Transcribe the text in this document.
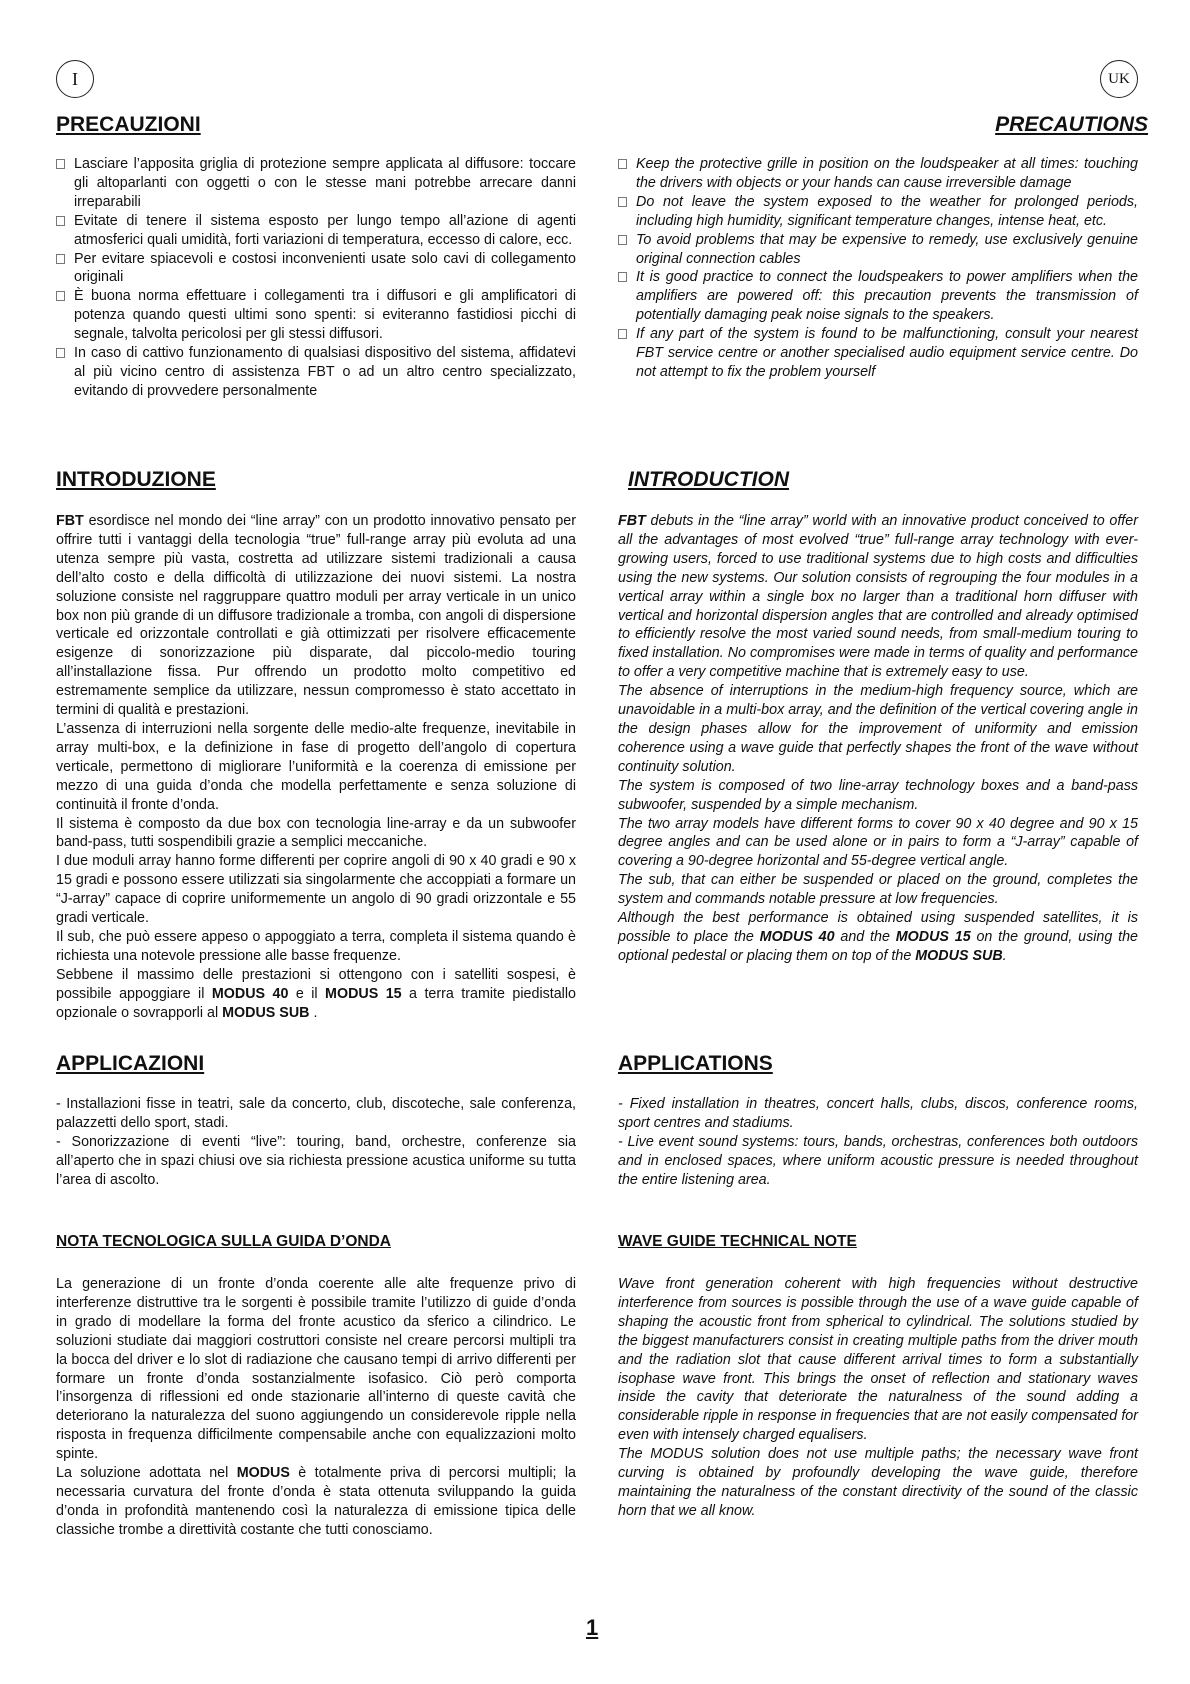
I	UK
PRECAUZIONI	PRECAUTIONS
Lasciare l’apposita griglia di protezione sempre applicata al diffusore: toccare gli altoparlanti con oggetti o con le stesse mani potrebbe arrecare danni irreparabili
Evitate di tenere il sistema esposto per lungo tempo all’azione di agenti atmosferici quali umidità, forti variazioni di temperatura, eccesso di calore, ecc.
Per evitare spiacevoli e costosi inconvenienti usate solo cavi di collegamento originali
È buona norma effettuare i collegamenti tra i diffusori e gli amplificatori di potenza quando questi ultimi sono spenti: si eviteranno fastidiosi picchi di segnale, talvolta pericolosi per gli stessi diffusori.
In caso di cattivo funzionamento di qualsiasi dispositivo del sistema, affidatevi al più vicino centro di assistenza FBT o ad un altro centro specializzato, evitando di provvedere personalmente
Keep the protective grille in position on the loudspeaker at all times: touching the drivers with objects or your hands can cause irreversible damage
Do not leave the system exposed to the weather for prolonged periods, including high humidity, significant temperature changes, intense heat, etc.
To avoid problems that may be expensive to remedy, use exclusively genuine original connection cables
It is good practice to connect the loudspeakers to power amplifiers when the amplifiers are powered off: this precaution prevents the transmission of potentially damaging peak noise signals to the speakers.
If any part of the system is found to be malfunctioning, consult your nearest FBT service centre or another specialised audio equipment service centre. Do not attempt to fix the problem yourself
INTRODUZIONE	INTRODUCTION

FBT esordisce nel mondo dei “line array” con un prodotto innovativo pensato per offrire tutti i vantaggi della tecnologia “true” full-range array più evoluta ad una utenza sempre più vasta, costretta ad utilizzare sistemi tradizionali a causa dell’alto costo e della difficoltà di utilizzazione dei nuovi sistemi. La nostra soluzione consiste nel raggruppare quattro moduli per array verticale in un unico box non più grande di un diffusore tradizionale a tromba, con angoli di dispersione verticale ed orizzontale controllati e già ottimizzati per risolvere efficacemente esigenze di sonorizzazione più disparate, dal piccolo-medio touring all’installazione fissa. Pur offrendo un prodotto molto competitivo ed estremamente semplice da utilizzare, nessun compromesso è stato accettato in termini di qualità e prestazioni.

L’assenza di interruzioni nella sorgente delle medio-alte frequenze, inevitabile in array multi-box, e la definizione in fase di progetto dell’angolo di copertura verticale, permettono di migliorare l’uniformità e la coerenza di emissione per mezzo di una guida d’onda che modella perfettamente e senza soluzione di continuità il fronte d’onda.

Il sistema è composto da due box con tecnologia line-array e da un subwoofer band-pass, tutti sospendibili grazie a semplici meccaniche.

I due moduli array hanno forme differenti per coprire angoli di 90 x 40 gradi e 90 x 15 gradi e possono essere utilizzati sia singolarmente che accoppiati a formare un “J-array” capace di coprire uniformemente un angolo di 90 gradi orizzontale e 55 gradi verticale.

Il sub, che può essere appeso o appoggiato a terra, completa il sistema quando è richiesta una notevole pressione alle basse frequenze.

Sebbene il massimo delle prestazioni si ottengono con i satelliti sospesi, è possibile appoggiare il MODUS 40 e il MODUS 15 a terra tramite piedistallo opzionale o sovrapporli al MODUS SUB .

FBT debuts in the “line array” world with an innovative product conceived to offer all the advantages of most evolved “true” full-range array technology with ever-growing users, forced to use traditional systems due to high costs and difficulties using the new systems. Our solution consists of regrouping the four modules in a vertical array within a single box no larger than a traditional horn diffuser with vertical and horizontal dispersion angles that are controlled and already optimised to efficiently resolve the most varied sound needs, from small-medium touring to fixed installation. No compromises were made in terms of quality and performance to offer a very competitive machine that is extremely easy to use.

The absence of interruptions in the medium-high frequency source, which are unavoidable in a multi-box array, and the definition of the vertical covering angle in the design phases allow for the improvement of uniformity and emission coherence using a wave guide that perfectly shapes the front of the wave without continuity solution.

The system is composed of two line-array technology boxes and a band-pass subwoofer, suspended by a simple mechanism.

The two array models have different forms to cover 90 x 40 degree and 90 x 15 degree angles and can be used alone or in pairs to form a “J-array” capable of covering a 90-degree horizontal and 55-degree vertical angle.

The sub, that can either be suspended or placed on the ground, completes the system and commands notable pressure at low frequencies.

Although the best performance is obtained using suspended satellites, it is possible to place the MODUS 40 and the MODUS 15 on the ground, using the optional pedestal or placing them on top of the MODUS SUB.

APPLICAZIONI	APPLICATIONS

- Installazioni fisse in teatri, sale da concerto, club, discoteche, sale conferenza, palazzetti dello sport, stadi.

- Sonorizzazione di eventi “live”: touring, band, orchestre, conferenze sia all’aperto che in spazi chiusi ove sia richiesta pressione acustica uniforme su tutta l’area di ascolto.

- Fixed installation in theatres, concert halls, clubs, discos, conference rooms, sport centres and stadiums.

- Live event sound systems: tours, bands, orchestras, conferences both outdoors and in enclosed spaces, where uniform acoustic pressure is needed throughout the entire listening area.

NOTA TECNOLOGICA SULLA GUIDA D’ONDA	WAVE GUIDE TECHNICAL NOTE

La generazione di un fronte d’onda coerente alle alte frequenze privo di interferenze distruttive tra le sorgenti è possibile tramite l’utilizzo di guide d’onda in grado di modellare la forma del fronte acustico da sferico a cilindrico. Le soluzioni studiate dai maggiori costruttori consiste nel creare percorsi multipli tra la bocca del driver e lo slot di radiazione che causano tempi di arrivo differenti per formare un fronte d’onda sostanzialmente isofasico. Ciò però comporta l’insorgenza di riflessioni ed onde stazionarie all’interno di queste cavità che deteriorano la naturalezza del suono aggiungendo un considerevole ripple nella risposta in frequenza difficilmente compensabile anche con equalizzazioni molto spinte.

La soluzione adottata nel MODUS è totalmente priva di percorsi multipli; la necessaria curvatura del fronte d’onda è stata ottenuta sviluppando la guida d’onda in profondità mantenendo così la naturalezza di emissione tipica delle classiche trombe a direttività costante che tutti conosciamo.

Wave front generation coherent with high frequencies without destructive interference from sources is possible through the use of a wave guide capable of shaping the acoustic front from spherical to cylindrical. The solutions studied by the biggest manufacturers consist in creating multiple paths from the driver mouth and the radiation slot that cause different arrival times to form a substantially isophase wave front. This brings the onset of reflection and stationary waves inside the cavity that deteriorate the naturalness of the sound adding a considerable ripple in response in frequencies that are not easily compensated for even with intensely charged equalisers.

The MODUS solution does not use multiple paths; the necessary wave front curving is obtained by profoundly developing the wave guide, therefore maintaining the naturalness of the constant directivity of the sound of the classic horn that we all know.

1
